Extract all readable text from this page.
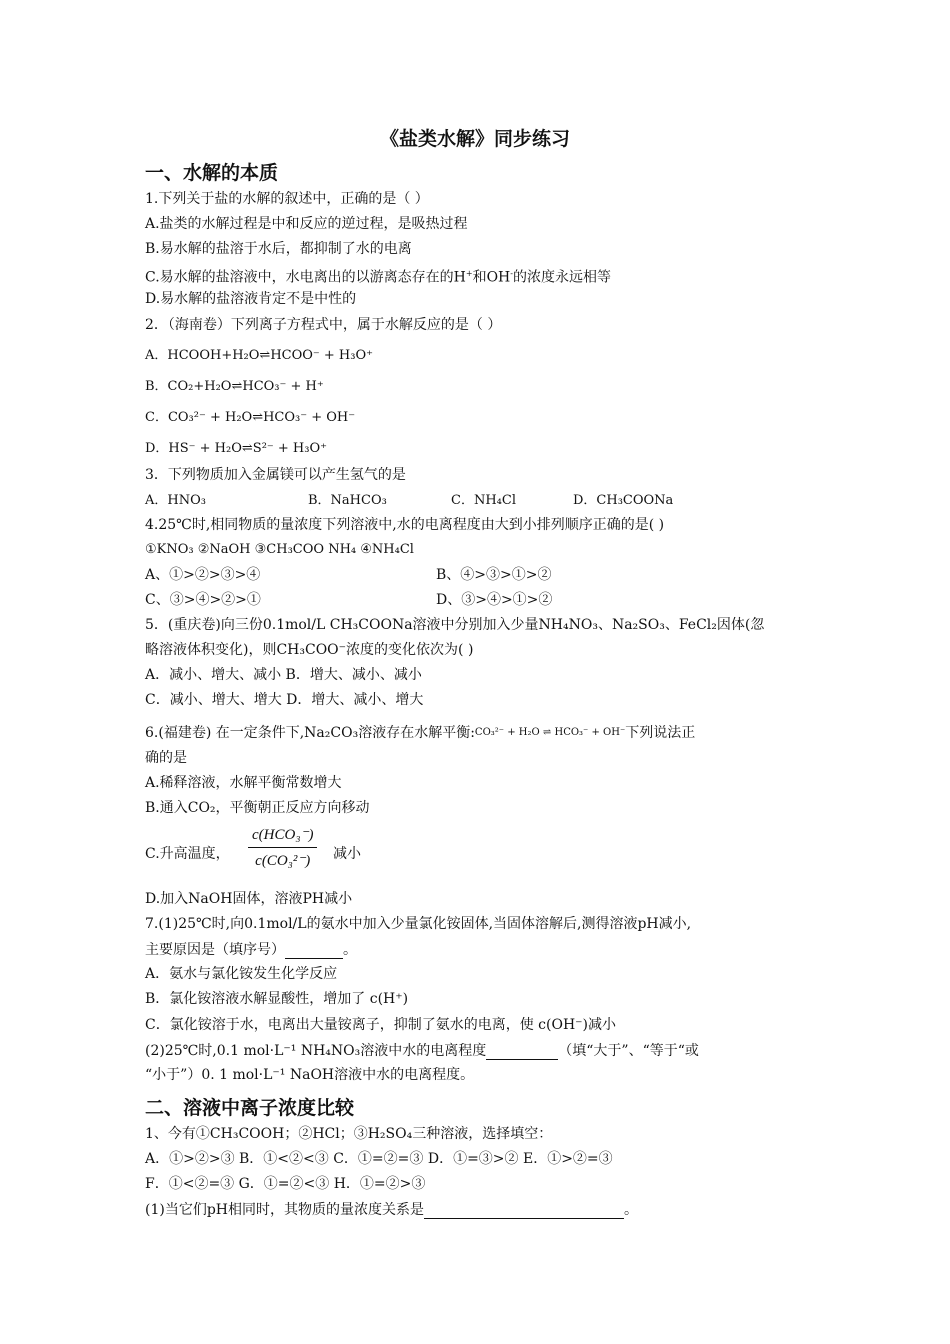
《盐类水解》同步练习
一、水解的本质
1.下列关于盐的水解的叙述中，正确的是（ ）
A.盐类的水解过程是中和反应的逆过程，是吸热过程
B.易水解的盐溶于水后，都抑制了水的电离
C.易水解的盐溶液中，水电离出的以游离态存在的H+和OH-的浓度永远相等
D.易水解的盐溶液肯定不是中性的
2．（海南卷）下列离子方程式中，属于水解反应的是（ ）
A．HCOOH+H₂O⇌HCOO⁻ + H₃O⁺
B．CO₂+H₂O⇌HCO₃⁻ + H⁺
C．CO₃²⁻ + H₂O⇌HCO₃⁻ + OH⁻
D．HS⁻ + H₂O⇌S²⁻ + H₃O⁺
3．下列物质加入金属镁可以产生氢气的是
A．HNO₃	B．NaHCO₃	C．NH₄Cl	D．CH₃COONa
4.25℃时,相同物质的量浓度下列溶液中,水的电离程度由大到小排列顺序正确的是( )
①KNO₃ ②NaOH ③CH₃COO NH₄ ④NH₄Cl
A、①>②>③>④	B、④>③>①>②
C、③>④>②>①	D、③>④>①>②
5．(重庆卷)向三份0.1mol/L CH₃COONa溶液中分别加入少量NH₄NO₃、Na₂SO₃、FeCl₂因体(忽
略溶液体积变化)，则CH₃COO⁻浓度的变化依次为( )
A．减小、增大、减小 B．增大、减小、减小
C．减小、增大、增大 D．增大、减小、增大
6.(福建卷) 在一定条件下,Na₂CO₃溶液存在水解平衡:CO₃²⁻ + H₂O ⇌ HCO₃⁻ + OH⁻下列说法正
确的是
A.稀释溶液，水解平衡常数增大
B.通入CO₂，平衡朝正反应方向移动
C.升高温度，
c(HCO₃⁻)
c(CO₃²⁻)	减小
D.加入NaOH固体，溶液PH减小
7.(1)25℃时,向0.1mol/L的氨水中加入少量氯化铵固体,当固体溶解后,测得溶液pH减小,
主要原因是（填序号）	。
A．氨水与氯化铵发生化学反应
B．氯化铵溶液水解显酸性，增加了 c(H⁺)
C．氯化铵溶于水，电离出大量铵离子，抑制了氨水的电离，使 c(OH⁻)减小
(2)25℃时,0.1 mol·L⁻¹ NH₄NO₃溶液中水的电离程度	（填“大于”、“等于“或
“小于”）0. 1 mol·L⁻¹ NaOH溶液中水的电离程度。
二、溶液中离子浓度比较
1、今有①CH₃COOH；②HCl；③H₂SO₄三种溶液，选择填空：
A．①>②>③ B．①<②<③ C．①=②=③ D．①=③>② E．①>②=③
F．①<②=③ G．①=②<③ H．①=②>③
(1)当它们pH相同时，其物质的量浓度关系是	。
